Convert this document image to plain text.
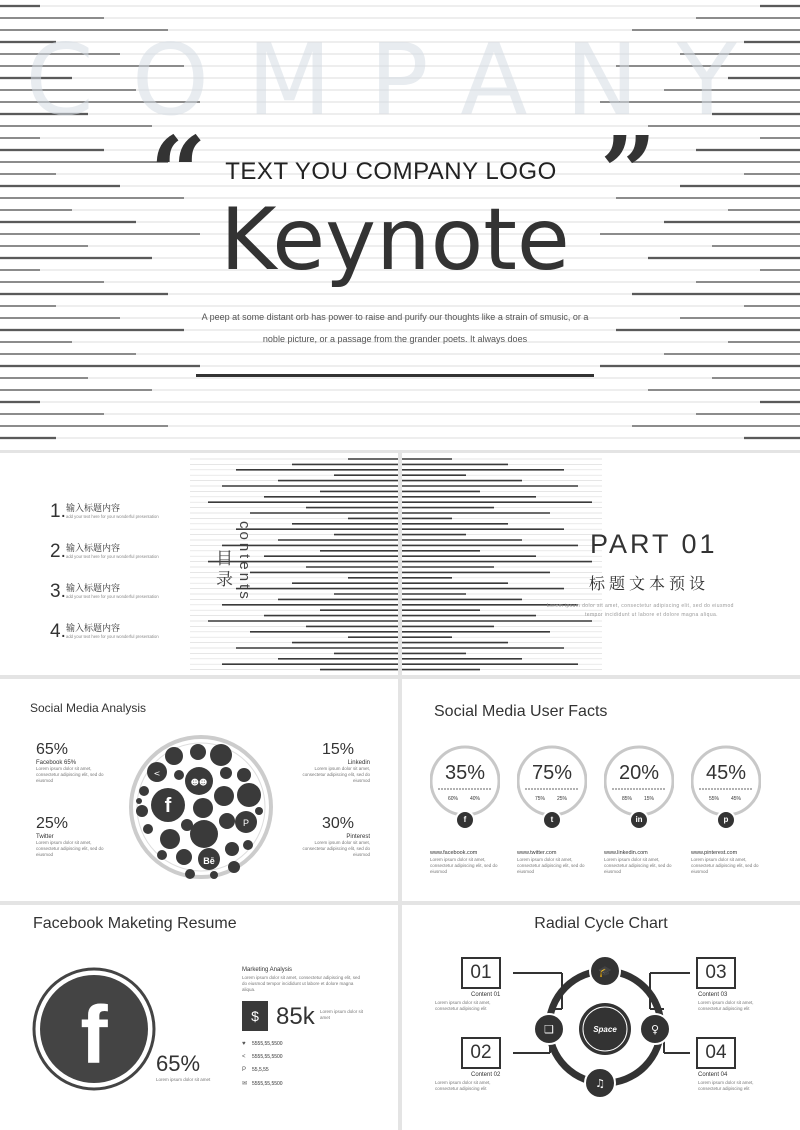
COMPANY
“	”
TEXT YOU COMPANY LOGO
Keynote
A peep at some distant orb has power to raise and purify our thoughts like a strain of smusic, or a
noble picture, or a passage from the grander poets. It always does
1. 输入标题内容
add your text here for your wonderful presentation
2. 输入标题内容
add your text here for your wonderful presentation
3. 输入标题内容
add your text here for your wonderful presentation
4. 输入标题内容
add your text here for your wonderful presentation
contents
目录
PART 01
标题文本预设
Lorem ipsum dolor sit amet, consectetur adipiscing elit, sed do eiusmod
tempor incididunt ut labore et dolore magna aliqua.
Social Media Analysis
65%
Facebook 65%
Lorem ipsum dolor sit amet, consectetur adipiscing elit, sed do eiusmod
25%
Twitter
Lorem ipsum dolor sit amet, consectetur adipiscing elit, sed do eiusmod
15%
Linkedin
Lorem ipsum dolor sit amet, consectetur adipiscing elit, sed do eiusmod
30%
Pinterest
Lorem ipsum dolor sit amet, consectetur adipiscing elit, sed do eiusmod
f
Bē
P
☻☻
<
Social Media User Facts
35%
60% 40%
f
www.facebook.com
Lorem ipsum dolor sit amet, consectetur adipiscing elit, sed do eiusmod
75%
75% 25%
t
www.twitter.com
Lorem ipsum dolor sit amet, consectetur adipiscing elit, sed do eiusmod
20%
85% 15%
in
www.linkedin.com
Lorem ipsum dolor sit amet, consectetur adipiscing elit, sed do eiusmod
45%
55% 45%
p
www.pinterest.com
Lorem ipsum dolor sit amet, consectetur adipiscing elit, sed do eiusmod
Facebook Maketing Resume
f 65%
Lorem ipsum dolor sit amet
Marketing Analysis
Lorem ipsum dolor sit amet, consectetur adipiscing elit, sed do eiusmod tempor incididunt ut labore et dolore magna aliqua.
$ 85k Lorem ipsum dolor sit amet
♥ 5555,55,5500
< 5555,55,5500
P 55,5,55
✉ 5555,55,5500
Radial Cycle Chart
🎓
❑	♀
♫
Space
01
Content 01
Lorem ipsum dolor sit amet, consectetur adipiscing elit
02
Content 02
Lorem ipsum dolor sit amet, consectetur adipiscing elit
03
Content 03
Lorem ipsum dolor sit amet, consectetur adipiscing elit
04
Content 04
Lorem ipsum dolor sit amet, consectetur adipiscing elit
